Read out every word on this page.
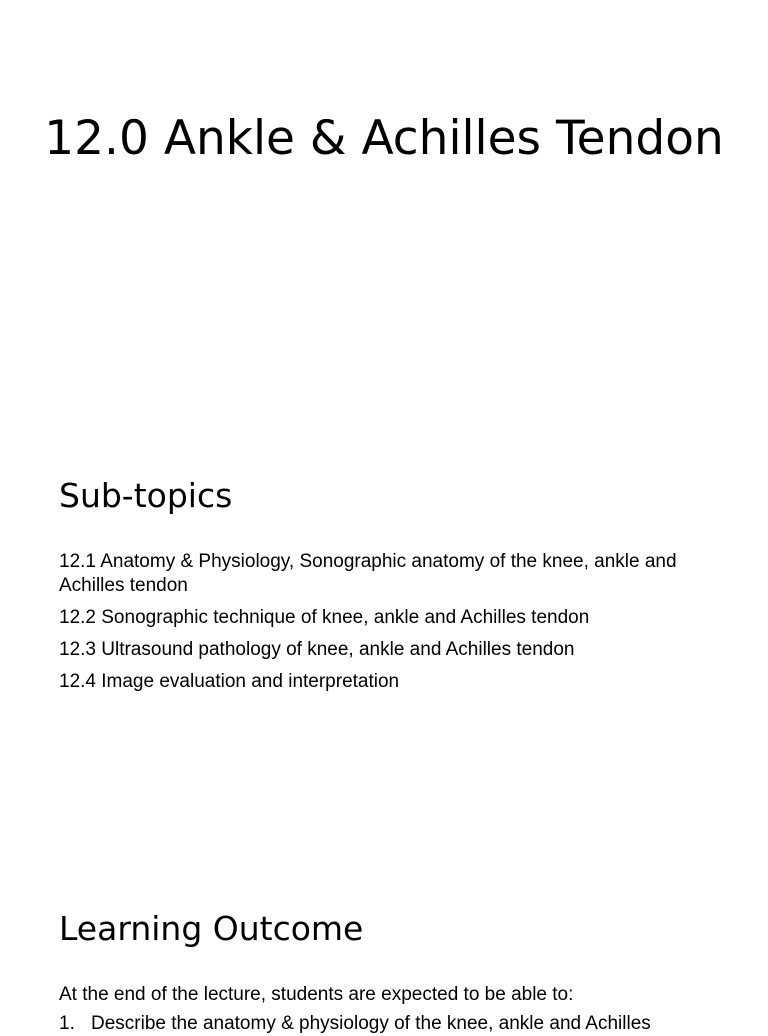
12.0 Ankle & Achilles Tendon
Sub-topics
12.1 Anatomy & Physiology, Sonographic anatomy of the knee, ankle and Achilles tendon
12.2 Sonographic technique of knee, ankle and Achilles tendon
12.3 Ultrasound pathology of knee, ankle and Achilles tendon
12.4 Image evaluation and interpretation
Learning Outcome

At the end of the lecture, students are expected to be able to:

1. Describe the anatomy & physiology of the knee, ankle and Achilles
